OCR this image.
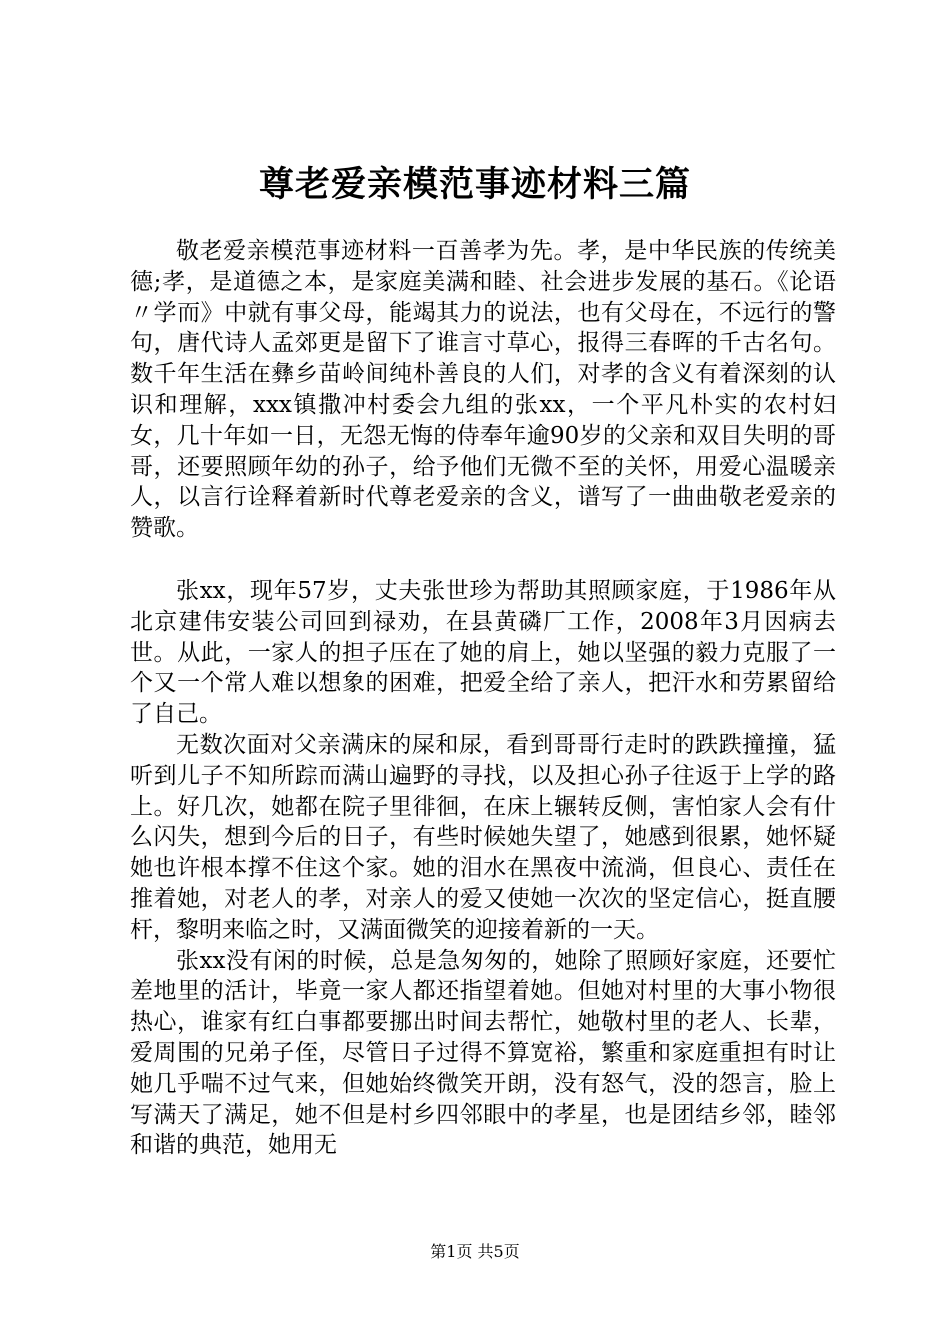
尊老爱亲模范事迹材料三篇

敬老爱亲模范事迹材料一百善孝为先。孝，是中华民族的传统美德;孝，是道德之本，是家庭美满和睦、社会进步发展的基石。《论语〃学而》中就有事父母，能竭其力的说法，也有父母在，不远行的警句，唐代诗人孟郊更是留下了谁言寸草心，报得三春晖的千古名句。数千年生活在彝乡苗岭间纯朴善良的人们，对孝的含义有着深刻的认识和理解，xxx镇撒冲村委会九组的张xx，一个平凡朴实的农村妇女，几十年如一日，无怨无悔的侍奉年逾90岁的父亲和双目失明的哥哥，还要照顾年幼的孙子，给予他们无微不至的关怀，用爱心温暖亲人，以言行诠释着新时代尊老爱亲的含义，谱写了一曲曲敬老爱亲的赞歌。

张xx，现年57岁，丈夫张世珍为帮助其照顾家庭，于1986年从北京建伟安装公司回到禄劝，在县黄磷厂工作，2008年3月因病去世。从此，一家人的担子压在了她的肩上，她以坚强的毅力克服了一个又一个常人难以想象的困难，把爱全给了亲人，把汗水和劳累留给了自己。

无数次面对父亲满床的屎和尿，看到哥哥行走时的跌跌撞撞，猛听到儿子不知所踪而满山遍野的寻找，以及担心孙子往返于上学的路上。好几次，她都在院子里徘徊，在床上辗转反侧，害怕家人会有什么闪失，想到今后的日子，有些时候她失望了，她感到很累，她怀疑她也许根本撑不住这个家。她的泪水在黑夜中流淌，但良心、责任在推着她，对老人的孝，对亲人的爱又使她一次次的坚定信心，挺直腰杆，黎明来临之时，又满面微笑的迎接着新的一天。

张xx没有闲的时候，总是急匆匆的，她除了照顾好家庭，还要忙差地里的活计，毕竟一家人都还指望着她。但她对村里的大事小物很热心，谁家有红白事都要挪出时间去帮忙，她敬村里的老人、长辈，爱周围的兄弟子侄，尽管日子过得不算宽裕，繁重和家庭重担有时让她几乎喘不过气来，但她始终微笑开朗，没有怒气，没的怨言，脸上写满天了满足，她不但是村乡四邻眼中的孝星，也是团结乡邻，睦邻和谐的典范，她用无

第1页 共5页
